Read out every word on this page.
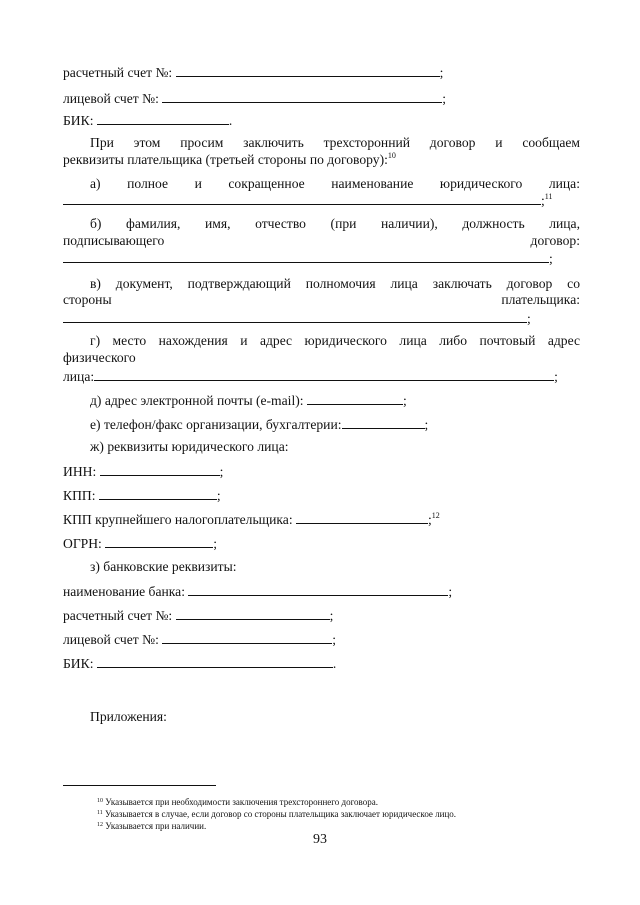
расчетный счет №:	;
лицевой счет №:	;
БИК:	.
При этом просим заключить трехсторонний договор и сообщаем
реквизиты плательщика (третьей стороны по договору):$^{10}$
а) полное и сокращенное наименование юридического лица:
;$^{11}$
б) фамилия, имя, отчество (при наличии), должность лица,
подписывающего договор:
;
в) документ, подтверждающий полномочия лица заключать договор со
стороны плательщика:
;
г) место нахождения и адрес юридического лица либо почтовый адрес
физического
лица:	;
д) адрес электронной почты (e-mail):	;
е) телефон/факс организации, бухгалтерии:	;
ж) реквизиты юридического лица:
ИНН:	;
КПП:	;
КПП крупнейшего налогоплательщика:	;$^{12}$
ОГРН:	;
з) банковские реквизиты:
наименование банка:	;
расчетный счет №:	;
лицевой счет №:	;
БИК:	.
Приложения:
$^{10}$ Указывается при необходимости заключения трехстороннего договора.
$^{11}$ Указывается в случае, если договор со стороны плательщика заключает юридическое лицо.
$^{12}$ Указывается при наличии.
93
